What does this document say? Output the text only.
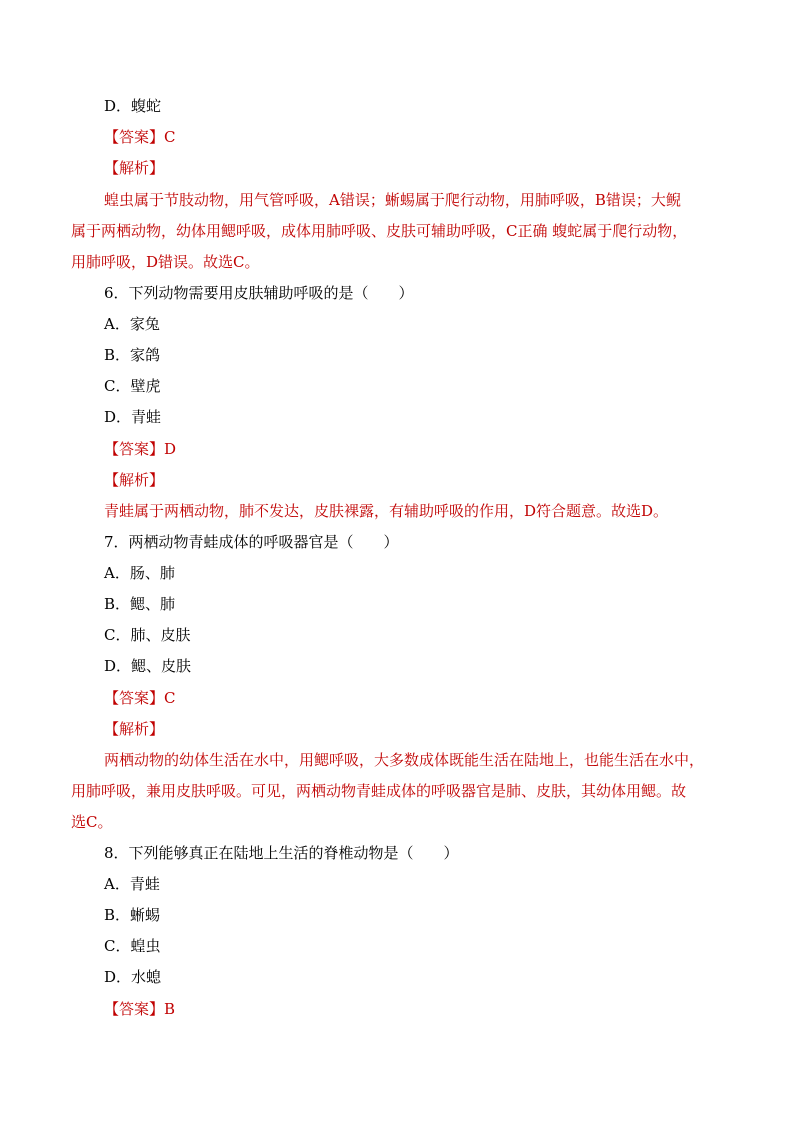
D．蝮蛇
【答案】C
【解析】
蝗虫属于节肢动物，用气管呼吸，A错误；蜥蜴属于爬行动物，用肺呼吸，B错误；大鲵
属于两栖动物，幼体用鳃呼吸，成体用肺呼吸、皮肤可辅助呼吸，C正确 蝮蛇属于爬行动物，
用肺呼吸，D错误。故选C。
6．下列动物需要用皮肤辅助呼吸的是（　　）
A．家兔
B．家鸽
C．壁虎
D．青蛙
【答案】D
【解析】
青蛙属于两栖动物，肺不发达，皮肤裸露，有辅助呼吸的作用，D符合题意。故选D。
7．两栖动物青蛙成体的呼吸器官是（　　）
A．肠、肺
B．鳃、肺
C．肺、皮肤
D．鳃、皮肤
【答案】C
【解析】
两栖动物的幼体生活在水中，用鳃呼吸，大多数成体既能生活在陆地上，也能生活在水中，
用肺呼吸，兼用皮肤呼吸。可见，两栖动物青蛙成体的呼吸器官是肺、皮肤，其幼体用鳃。故
选C。
8．下列能够真正在陆地上生活的脊椎动物是（　　）
A．青蛙
B．蜥蜴
C．蝗虫
D．水螅
【答案】B
